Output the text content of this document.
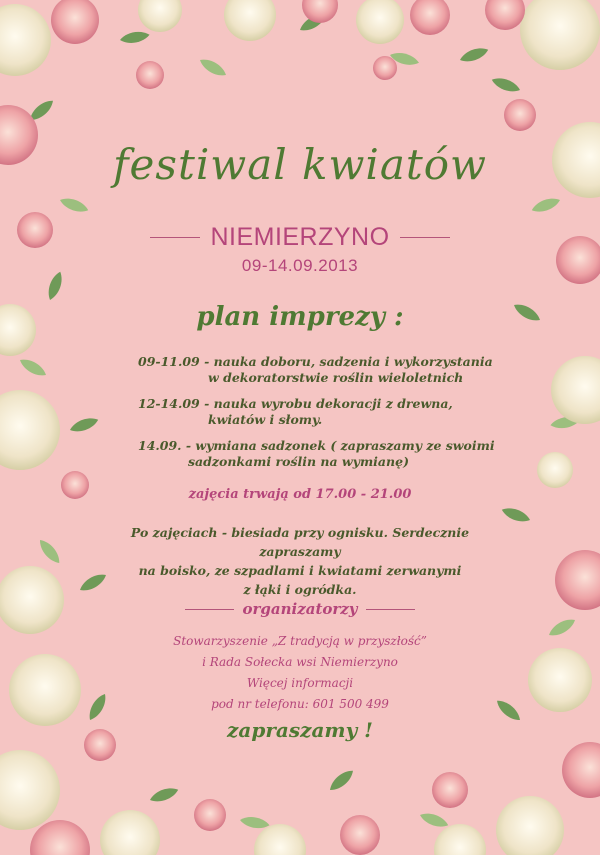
festiwal kwiatów
NIEMIERZYNO
09-14.09.2013
plan imprezy :
09-11.09 - nauka doboru, sadzenia i wykorzystania
w dekoratorstwie roślin wieloletnich
12-14.09 - nauka wyrobu dekoracji z drewna,
kwiatów i słomy.
14.09. - wymiana sadzonek ( zapraszamy ze swoimi
sadzonkami roślin na wymianę)
zajęcia trwają od 17.00 - 21.00
Po zajęciach - biesiada przy ognisku. Serdecznie zapraszamy
na boisko, ze szpadlami i kwiatami zerwanymi
z łąki i ogródka.
organizatorzy
Stowarzyszenie „Z tradycją w przyszłość”
i Rada Sołecka wsi Niemierzyno
Więcej informacji
pod nr telefonu: 601 500 499
zapraszamy !
